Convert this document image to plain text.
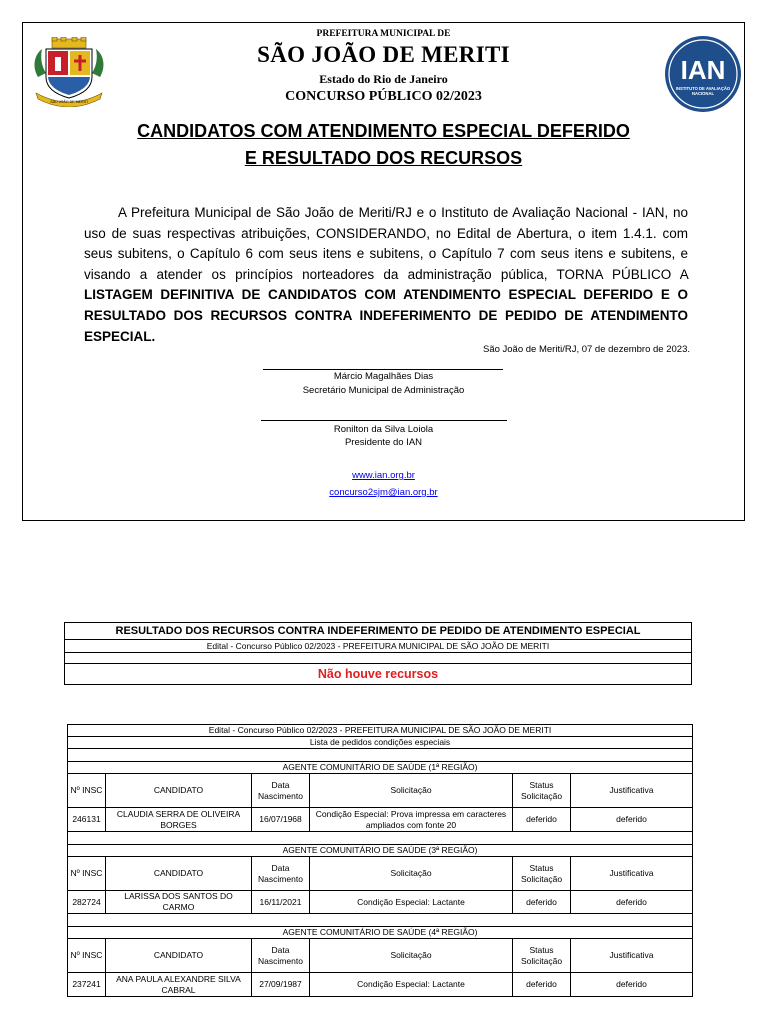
SÃO JOÃO DE MERITI
IAN
INSTITUTO DE AVALIAÇÃO
NACIONAL
PREFEITURA MUNICIPAL DE
SÃO JOÃO DE MERITI
Estado do Rio de Janeiro
CONCURSO PÚBLICO 02/2023
CANDIDATOS COM ATENDIMENTO ESPECIAL DEFERIDO
E RESULTADO DOS RECURSOS
A Prefeitura Municipal de São João de Meriti/RJ e o Instituto de Avaliação Nacional - IAN, no uso de suas respectivas atribuições, CONSIDERANDO, no Edital de Abertura, o item 1.4.1. com seus subitens, o Capítulo 6 com seus itens e subitens, o Capítulo 7 com seus itens e subitens, e visando a atender os princípios norteadores da administração pública, TORNA PÚBLICO A LISTAGEM DEFINITIVA DE CANDIDATOS COM ATENDIMENTO ESPECIAL DEFERIDO E O RESULTADO DOS RECURSOS CONTRA INDEFERIMENTO DE PEDIDO DE ATENDIMENTO ESPECIAL.
São João de Meriti/RJ, 07 de dezembro de 2023.
Márcio Magalhães Dias
Secretário Municipal de Administração
Ronilton da Silva Loiola
Presidente do IAN
www.ian.org.br
concurso2sjm@ian.org.br
RESULTADO DOS RECURSOS CONTRA INDEFERIMENTO DE PEDIDO DE ATENDIMENTO ESPECIAL
Edital - Concurso Público 02/2023 - PREFEITURA MUNICIPAL DE SÃO JOÃO DE MERITI

Não houve recursos
Edital - Concurso Público 02/2023 - PREFEITURA MUNICIPAL DE SÃO JOÃO DE MERITI					
Lista de pedidos condições especiais					

AGENTE COMUNITÁRIO DE SAÚDE (1ª REGIÃO)					
Nº INSC	CANDIDATO	Data Nascimento	Solicitação	Status Solicitação	Justificativa
246131	CLAUDIA SERRA DE OLIVEIRA BORGES	16/07/1968	Condição Especial: Prova impressa em caracteres ampliados com fonte 20	deferido	deferido

AGENTE COMUNITÁRIO DE SAÚDE (3ª REGIÃO)					
Nº INSC	CANDIDATO	Data Nascimento	Solicitação	Status Solicitação	Justificativa
282724	LARISSA DOS SANTOS DO CARMO	16/11/2021	Condição Especial: Lactante	deferido	deferido

AGENTE COMUNITÁRIO DE SAÚDE (4ª REGIÃO)					
Nº INSC	CANDIDATO	Data Nascimento	Solicitação	Status Solicitação	Justificativa
237241	ANA PAULA ALEXANDRE SILVA CABRAL	27/09/1987	Condição Especial: Lactante	deferido	deferido
